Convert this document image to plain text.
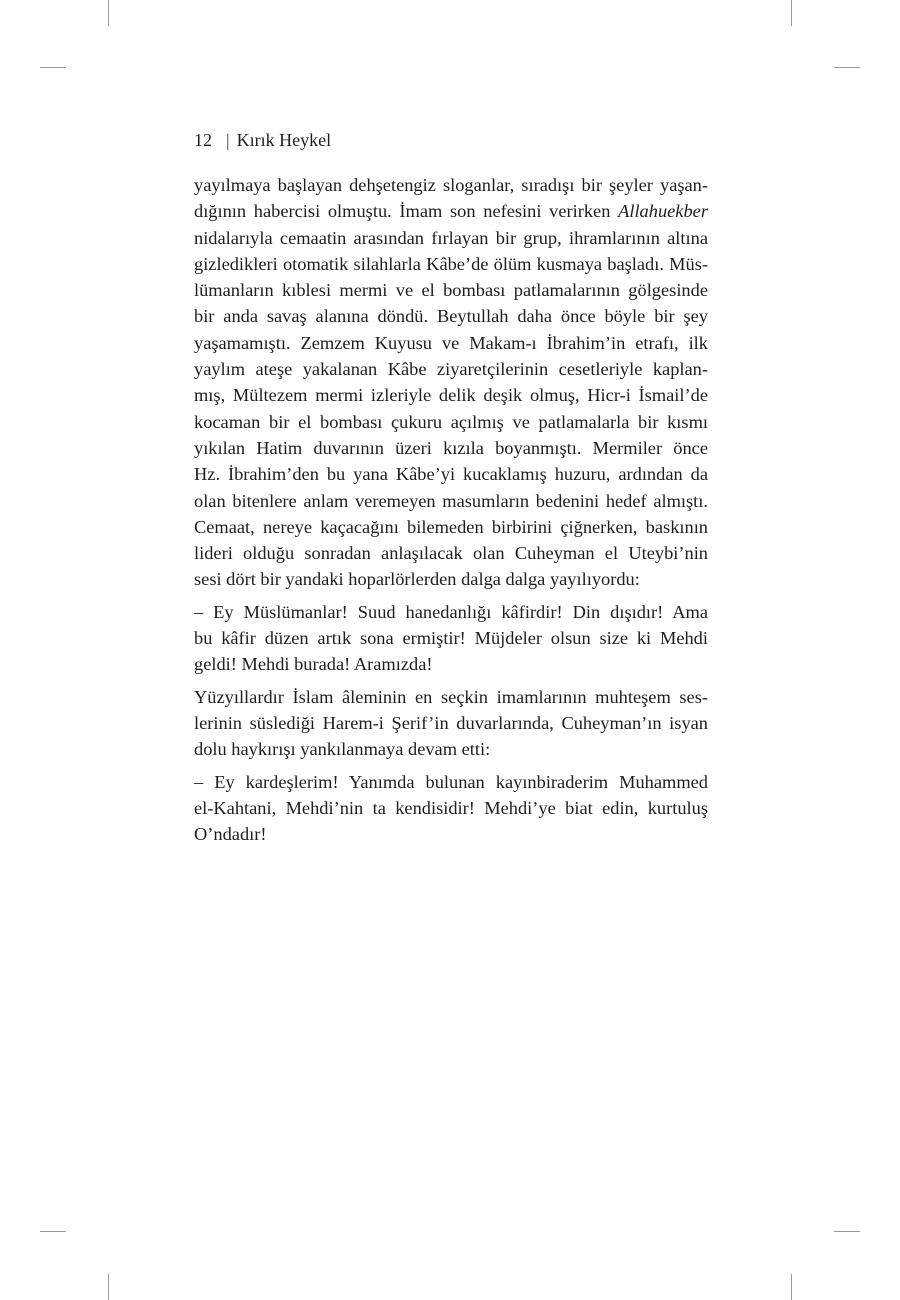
12 | Kırık Heykel

yayılmaya başlayan dehşetengiz sloganlar, sıradışı bir şeyler yaşan-
dığının habercisi olmuştu. İmam son nefesini verirken Allahuekber
nidalarıyla cemaatin arasından fırlayan bir grup, ihramlarının altına
gizledikleri otomatik silahlarla Kâbe’de ölüm kusmaya başladı. Müs-
lümanların kıblesi mermi ve el bombası patlamalarının gölgesinde
bir anda savaş alanına döndü. Beytullah daha önce böyle bir şey
yaşamamıştı. Zemzem Kuyusu ve Makam-ı İbrahim’in etrafı, ilk
yaylım ateşe yakalanan Kâbe ziyaretçilerinin cesetleriyle kaplan-
mış, Mültezem mermi izleriyle delik deşik olmuş, Hicr-i İsmail’de
kocaman bir el bombası çukuru açılmış ve patlamalarla bir kısmı
yıkılan Hatim duvarının üzeri kızıla boyanmıştı. Mermiler önce
Hz. İbrahim’den bu yana Kâbe’yi kucaklamış huzuru, ardından da
olan bitenlere anlam veremeyen masumların bedenini hedef almıştı.
Cemaat, nereye kaçacağını bilemeden birbirini çiğnerken, baskının
lideri olduğu sonradan anlaşılacak olan Cuheyman el Uteybi’nin
sesi dört bir yandaki hoparlörlerden dalga dalga yayılıyordu:

– Ey Müslümanlar! Suud hanedanlığı kâfirdir! Din dışıdır! Ama
bu kâfir düzen artık sona ermiştir! Müjdeler olsun size ki Mehdi
geldi! Mehdi burada! Aramızda!

Yüzyıllardır İslam âleminin en seçkin imamlarının muhteşem ses-
lerinin süslediği Harem-i Şerif’in duvarlarında, Cuheyman’ın isyan
dolu haykırışı yankılanmaya devam etti:

– Ey kardeşlerim! Yanımda bulunan kayınbiraderim Muhammed
el-Kahtani, Mehdi’nin ta kendisidir! Mehdi’ye biat edin, kurtuluş
O’ndadır!
